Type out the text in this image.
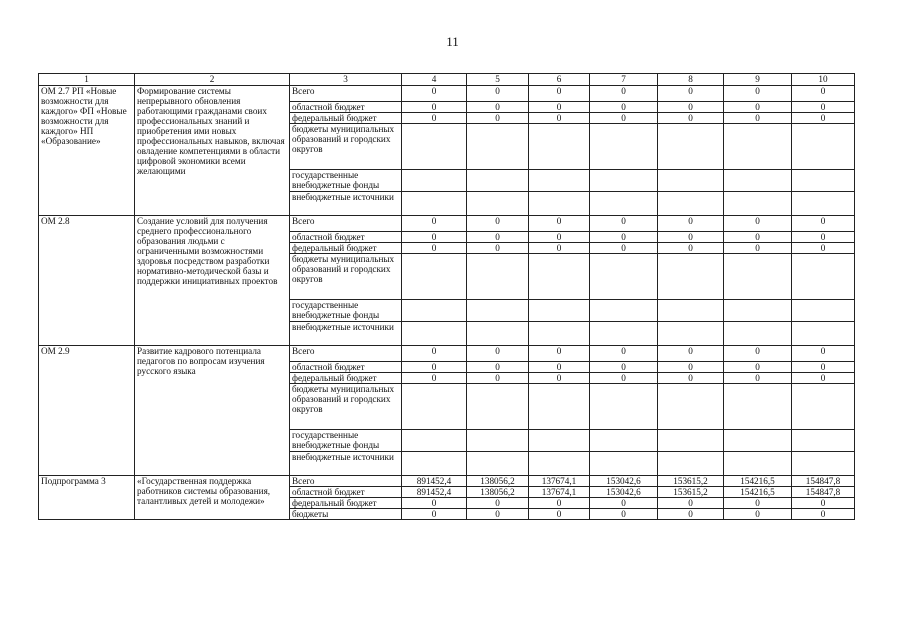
11
1	2	3	4	5	6	7	8	9	10
ОМ 2.7 РП «Новые возможности для каждого» ФП «Новые возможности для каждого» НП «Образование»	Формирование системы непрерывного обновления работающими гражданами своих профессиональных знаний и приобретения ими новых профессиональных навыков, включая овладение компетенциями в области цифровой экономики всеми желающими	Всего	0	0	0	0	0	0	0
		областной бюджет	0	0	0	0	0	0	0
		федеральный бюджет	0	0	0	0	0	0	0
		бюджеты муниципальных образований и городских округов							
		государственные внебюджетные фонды							
		внебюджетные источники							
ОМ 2.8	Создание условий для получения среднего профессионального образования людьми с ограниченными возможностями здоровья посредством разработки нормативно-методической базы и поддержки инициативных проектов	Всего	0	0	0	0	0	0	0
		областной бюджет	0	0	0	0	0	0	0
		федеральный бюджет	0	0	0	0	0	0	0
		бюджеты муниципальных образований и городских округов							
		государственные внебюджетные фонды							
		внебюджетные источники							
ОМ 2.9	Развитие кадрового потенциала педагогов по вопросам изучения русского языка	Всего	0	0	0	0	0	0	0
		областной бюджет	0	0	0	0	0	0	0
		федеральный бюджет	0	0	0	0	0	0	0
		бюджеты муниципальных образований и городских округов							
		государственные внебюджетные фонды							
		внебюджетные источники							
Подпрограмма 3	«Государственная поддержка работников системы образования, талантливых детей и молодежи»	Всего	891452,4	138056,2	137674,1	153042,6	153615,2	154216,5	154847,8
		областной бюджет	891452,4	138056,2	137674,1	153042,6	153615,2	154216,5	154847,8
		федеральный бюджет	0	0	0	0	0	0	0
		бюджеты	0	0	0	0	0	0	0
